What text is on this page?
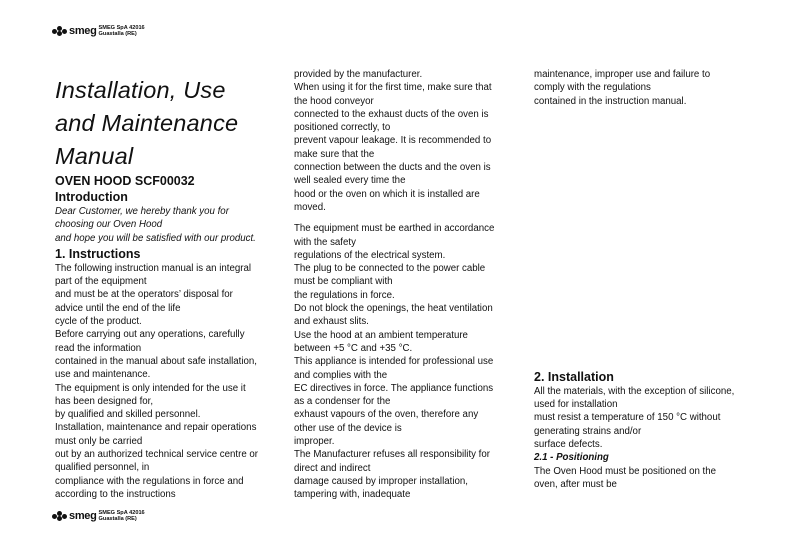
smeg SMEG SpA 42016
Guastalla (RE)
Installation, Use
and Maintenance
Manual
OVEN HOOD SCF00032
Introduction
Dear Customer, we hereby thank you for
choosing our Oven Hood
and hope you will be satisfied with our product.
1. Instructions
The following instruction manual is an integral
part of the equipment
and must be at the operators’ disposal for
advice until the end of the life
cycle of the product.
Before carrying out any operations, carefully
read the information
contained in the manual about safe installation,
use and maintenance.
The equipment is only intended for the use it
has been designed for,
by qualified and skilled personnel.
Installation, maintenance and repair operations
must only be carried
out by an authorized technical service centre or
qualified personnel, in
compliance with the regulations in force and
according to the instructions
provided by the manufacturer.
When using it for the first time, make sure that
the hood conveyor
connected to the exhaust ducts of the oven is
positioned correctly, to
prevent vapour leakage. It is recommended to
make sure that the
connection between the ducts and the oven is
well sealed every time the
hood or the oven on which it is installed are
moved.
The equipment must be earthed in accordance
with the safety
regulations of the electrical system.
The plug to be connected to the power cable
must be compliant with
the regulations in force.
Do not block the openings, the heat ventilation
and exhaust slits.
Use the hood at an ambient temperature
between +5 °C and +35 °C.
This appliance is intended for professional use
and complies with the
EC directives in force. The appliance functions
as a condenser for the
exhaust vapours of the oven, therefore any
other use of the device is
improper.
The Manufacturer refuses all responsibility for
direct and indirect
damage caused by improper installation,
tampering with, inadequate
maintenance, improper use and failure to
comply with the regulations
contained in the instruction manual.
2. Installation
All the materials, with the exception of silicone,
used for installation
must resist a temperature of 150 °C without
generating strains and/or
surface defects.
2.1 - Positioning
The Oven Hood must be positioned on the
oven, after must be
smeg SMEG SpA 42016
Guastalla (RE)
